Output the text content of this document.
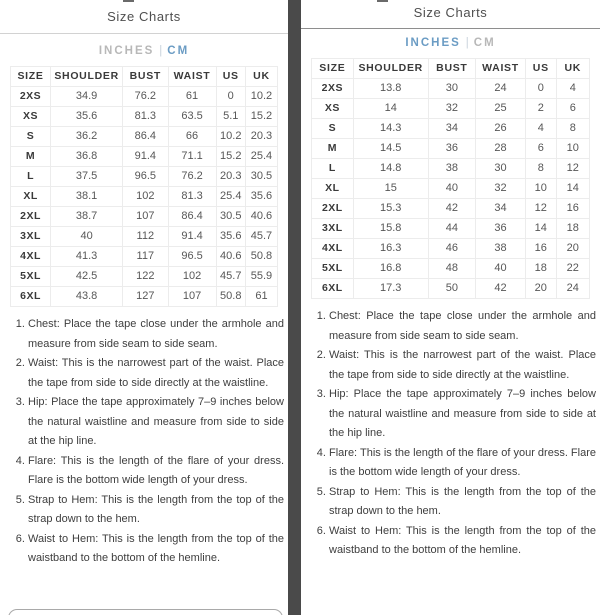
Size Charts
INCHES | CM
SIZE	SHOULDER	BUST	WAIST	US	UK
2XS	34.9	76.2	61	0	10.2
XS	35.6	81.3	63.5	5.1	15.2
S	36.2	86.4	66	10.2	20.3
M	36.8	91.4	71.1	15.2	25.4
L	37.5	96.5	76.2	20.3	30.5
XL	38.1	102	81.3	25.4	35.6
2XL	38.7	107	86.4	30.5	40.6
3XL	40	112	91.4	35.6	45.7
4XL	41.3	117	96.5	40.6	50.8
5XL	42.5	122	102	45.7	55.9
6XL	43.8	127	107	50.8	61
1. Chest: Place the tape close under the armhole and measure from side seam to side seam.
2. Waist: This is the narrowest part of the waist. Place the tape from side to side directly at the waistline.
3. Hip: Place the tape approximately 7–9 inches below the natural waistline and measure from side to side at the hip line.
4. Flare: This is the length of the flare of your dress. Flare is the bottom wide length of your dress.
5. Strap to Hem: This is the length from the top of the strap down to the hem.
6. Waist to Hem: This is the length from the top of the waistband to the bottom of the hemline.
Size Charts
INCHES | CM
SIZE	SHOULDER	BUST	WAIST	US	UK
2XS	13.8	30	24	0	4
XS	14	32	25	2	6
S	14.3	34	26	4	8
M	14.5	36	28	6	10
L	14.8	38	30	8	12
XL	15	40	32	10	14
2XL	15.3	42	34	12	16
3XL	15.8	44	36	14	18
4XL	16.3	46	38	16	20
5XL	16.8	48	40	18	22
6XL	17.3	50	42	20	24
1. Chest: Place the tape close under the armhole and measure from side seam to side seam.
2. Waist: This is the narrowest part of the waist. Place the tape from side to side directly at the waistline.
3. Hip: Place the tape approximately 7–9 inches below the natural waistline and measure from side to side at the hip line.
4. Flare: This is the length of the flare of your dress. Flare is the bottom wide length of your dress.
5. Strap to Hem: This is the length from the top of the strap down to the hem.
6. Waist to Hem: This is the length from the top of the waistband to the bottom of the hemline.
